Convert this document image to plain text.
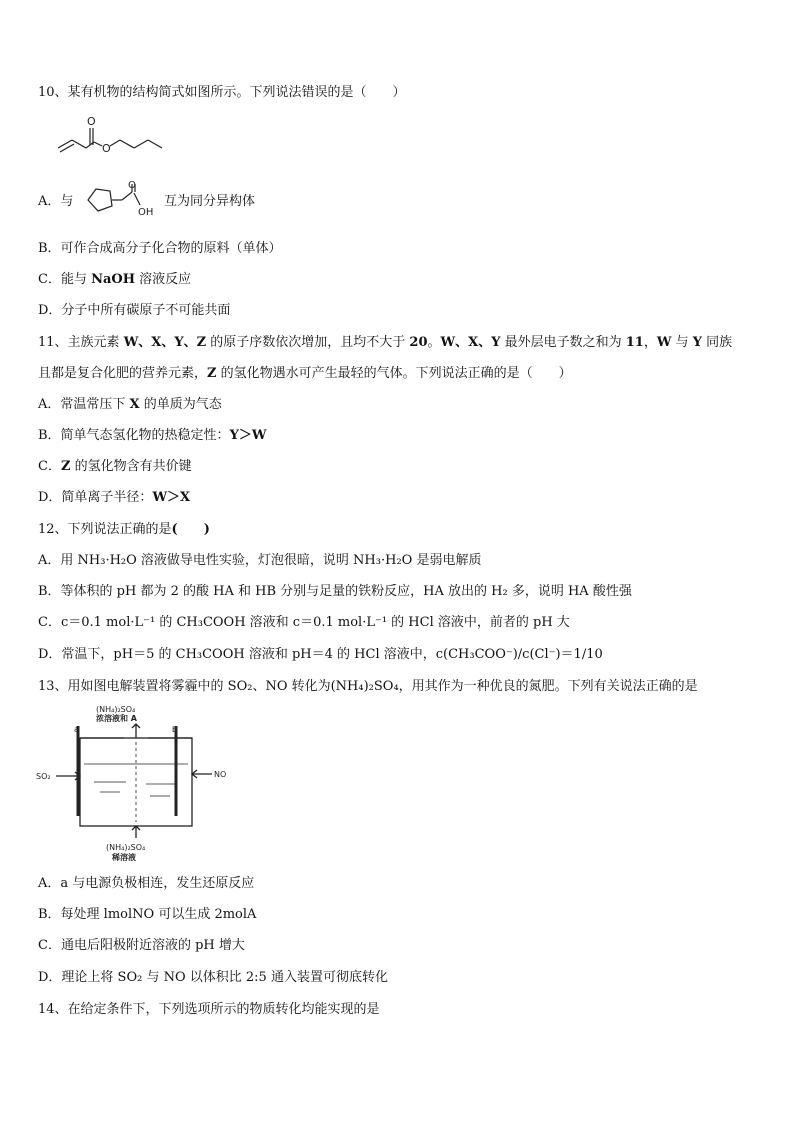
10、某有机物的结构简式如图所示。下列说法错误的是（　　）
O
O
A．与
O
OH
互为同分异构体
B．可作合成高分子化合物的原料（单体）
C．能与 NaOH 溶液反应
D．分子中所有碳原子不可能共面
11、主族元素 W、X、Y、Z 的原子序数依次增加，且均不大于 20。W、X、Y 最外层电子数之和为 11，W 与 Y 同族
且都是复合化肥的营养元素，Z 的氢化物遇水可产生最轻的气体。下列说法正确的是（　　）
A．常温常压下 X 的单质为气态
B．简单气态氢化物的热稳定性：Y＞W
C．Z 的氢化物含有共价键
D．简单离子半径：W＞X
12、下列说法正确的是(　　)
A．用 NH₃·H₂O 溶液做导电性实验，灯泡很暗，说明 NH₃·H₂O 是弱电解质
B．等体积的 pH 都为 2 的酸 HA 和 HB 分别与足量的铁粉反应，HA 放出的 H₂ 多，说明 HA 酸性强
C．c＝0.1 mol·L⁻¹ 的 CH₃COOH 溶液和 c＝0.1 mol·L⁻¹ 的 HCl 溶液中，前者的 pH 大
D．常温下，pH＝5 的 CH₃COOH 溶液和 pH＝4 的 HCl 溶液中，c(CH₃COO⁻)/c(Cl⁻)＝1/10
13、用如图电解装置将雾霾中的 SO₂、NO 转化为(NH₄)₂SO₄，用其作为一种优良的氮肥。下列有关说法正确的是
(NH₄)₂SO₄
浓溶液和 A
(NH₄)₂SO₄
稀溶液
SO₂	NO
a	b
A．a 与电源负极相连，发生还原反应
B．每处理 lmolNO 可以生成 2molA
C．通电后阳极附近溶液的 pH 增大
D．理论上将 SO₂ 与 NO 以体积比 2:5 通入装置可彻底转化
14、在给定条件下，下列选项所示的物质转化均能实现的是
